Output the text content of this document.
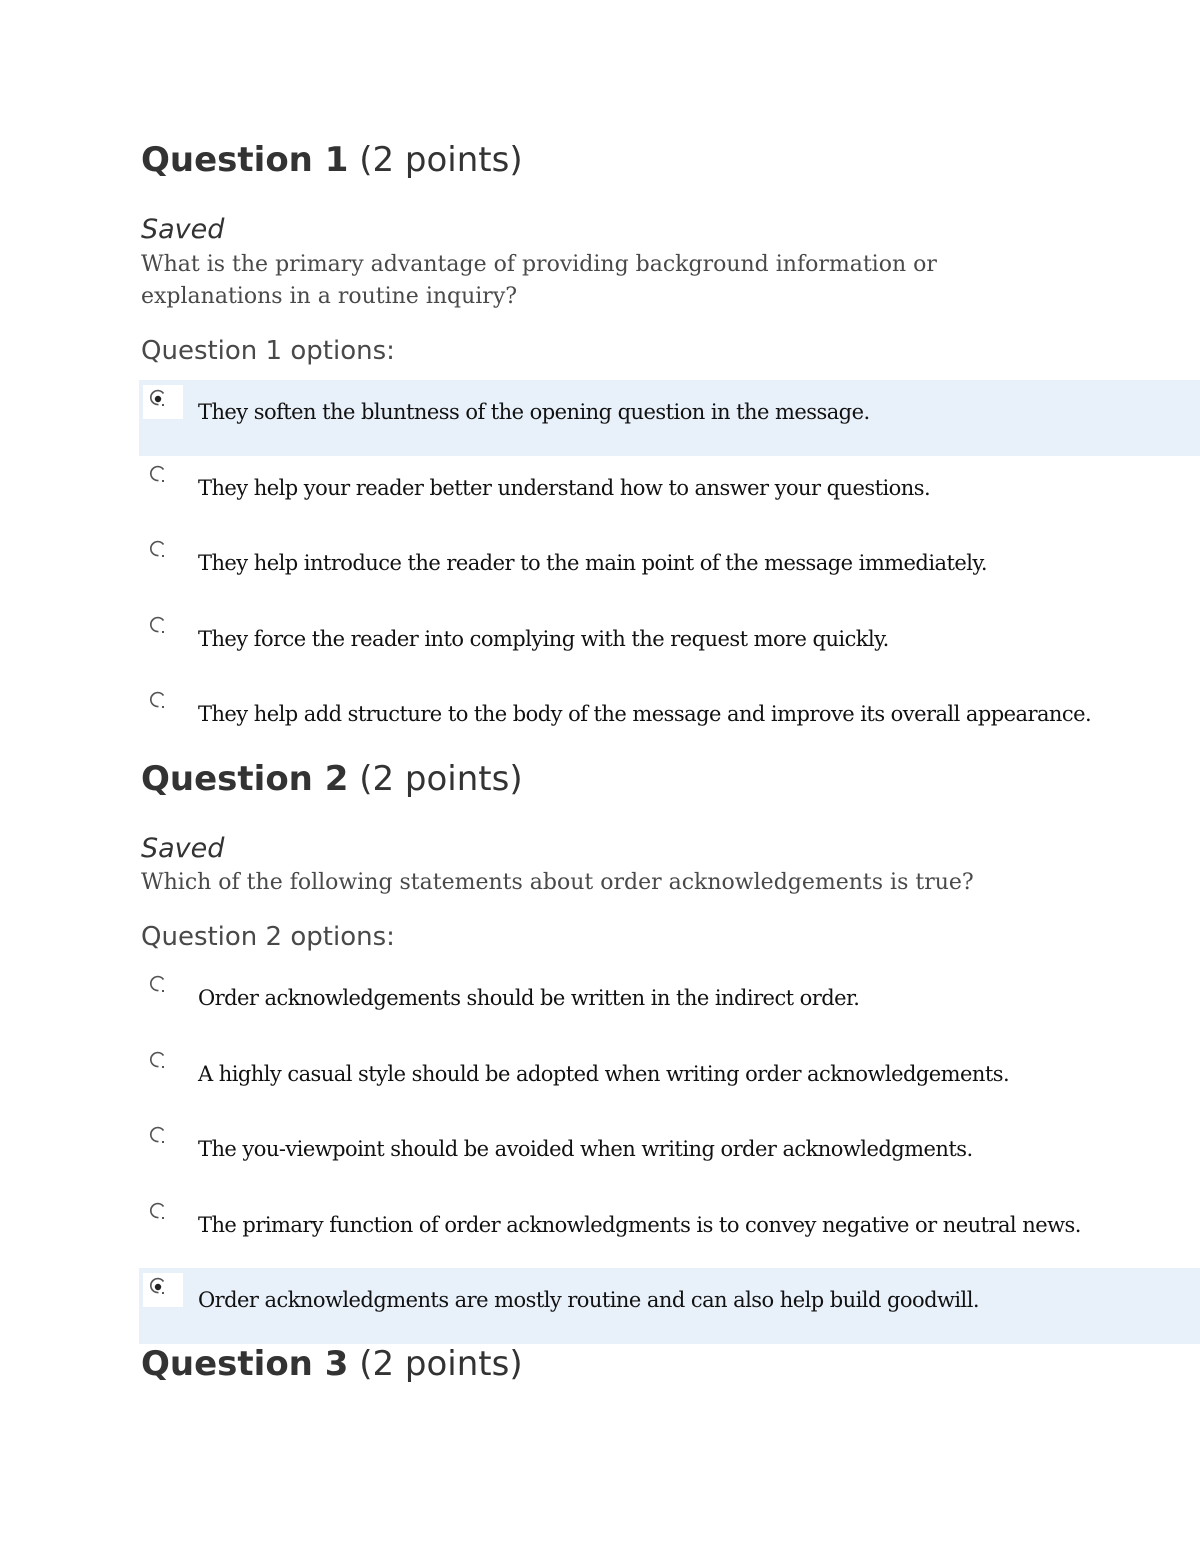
Question 1 (2 points)
Saved
What is the primary advantage of providing background information or explanations in a routine inquiry?
Question 1 options:
They soften the bluntness of the opening question in the message.
They help your reader better understand how to answer your questions.
They help introduce the reader to the main point of the message immediately.
They force the reader into complying with the request more quickly.
They help add structure to the body of the message and improve its overall appearance.
Question 2 (2 points)
Saved
Which of the following statements about order acknowledgements is true?
Question 2 options:
Order acknowledgements should be written in the indirect order.
A highly casual style should be adopted when writing order acknowledgements.
The you-viewpoint should be avoided when writing order acknowledgments.
The primary function of order acknowledgments is to convey negative or neutral news.
Order acknowledgments are mostly routine and can also help build goodwill.
Question 3 (2 points)
